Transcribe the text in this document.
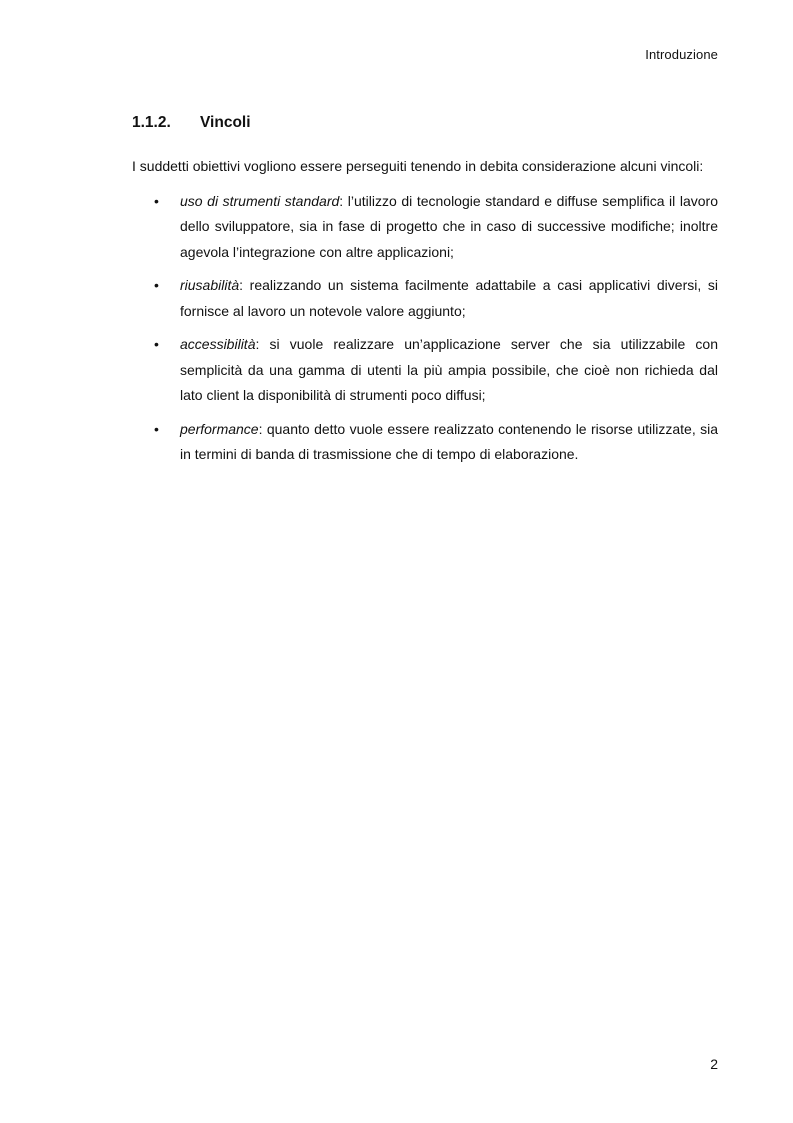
Introduzione
1.1.2.	Vincoli

I suddetti obiettivi vogliono essere perseguiti tenendo in debita considerazione alcuni vincoli:

• uso di strumenti standard: l’utilizzo di tecnologie standard e diffuse semplifica il lavoro dello sviluppatore, sia in fase di progetto che in caso di successive modifiche; inoltre agevola l’integrazione con altre applicazioni;
• riusabilità: realizzando un sistema facilmente adattabile a casi applicativi diversi, si fornisce al lavoro un notevole valore aggiunto;
• accessibilità: si vuole realizzare un’applicazione server che sia utilizzabile con semplicità da una gamma di utenti la più ampia possibile, che cioè non richieda dal lato client la disponibilità di strumenti poco diffusi;
• performance: quanto detto vuole essere realizzato contenendo le risorse utilizzate, sia in termini di banda di trasmissione che di tempo di elaborazione.
2
